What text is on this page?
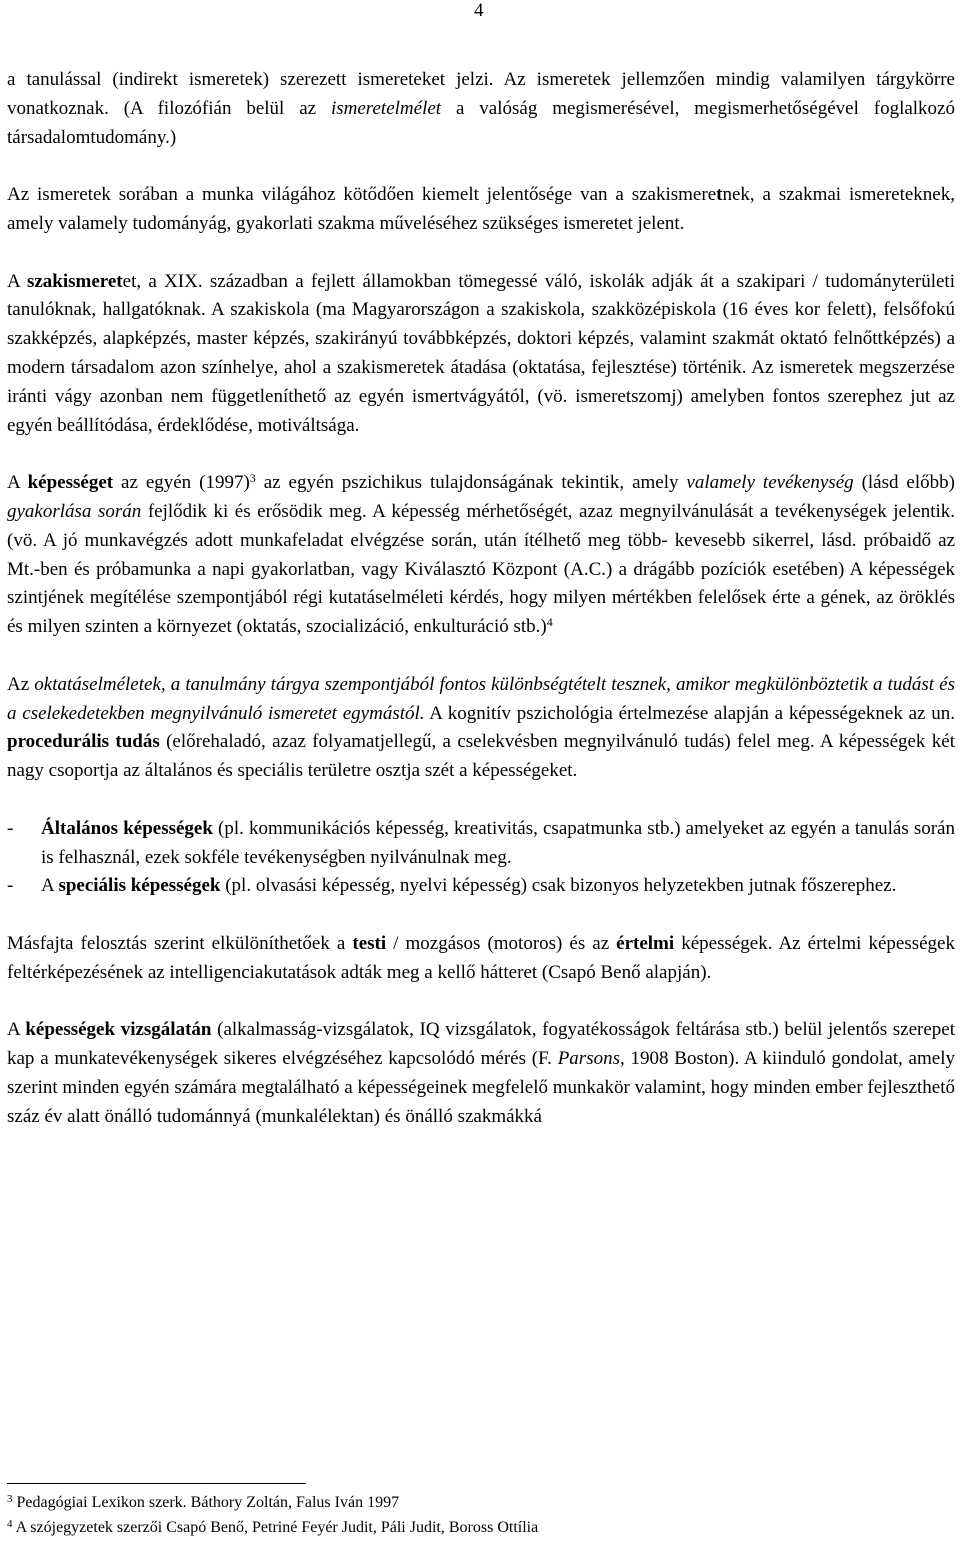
4

a tanulással (indirekt ismeretek) szerezett ismereteket jelzi. Az ismeretek jellemzően mindig valamilyen tárgykörre vonatkoznak. (A filozófián belül az ismeretelmélet a valóság megismerésével, megismerhetőségével foglalkozó társadalomtudomány.)

Az ismeretek sorában a munka világához kötődően kiemelt jelentősége van a szakismeretnek, a szakmai ismereteknek, amely valamely tudományág, gyakorlati szakma műveléséhez szükséges ismeretet jelent.

A szakismeretet, a XIX. században a fejlett államokban tömegessé váló, iskolák adják át a szakipari / tudományterületi tanulóknak, hallgatóknak. A szakiskola (ma Magyarországon a szakiskola, szakközépiskola (16 éves kor felett), felsőfokú szakképzés, alapképzés, master képzés, szakirányú továbbképzés, doktori képzés, valamint szakmát oktató felnőttképzés) a modern társadalom azon színhelye, ahol a szakismeretek átadása (oktatása, fejlesztése) történik. Az ismeretek megszerzése iránti vágy azonban nem függetleníthető az egyén ismertvágyától, (vö. ismeretszomj) amelyben fontos szerephez jut az egyén beállítódása, érdeklődése, motiváltsága.

A képességet az egyén $(1997)^3$ az egyén pszichikus tulajdonságának tekintik, amely valamely tevékenység (lásd előbb) gyakorlása során fejlődik ki és erősödik meg. A képesség mérhetőségét, azaz megnyilvánulását a tevékenységek jelentik. (vö. A jó munkavégzés adott munkafeladat elvégzése során, után ítélhető meg több- kevesebb sikerrel, lásd. próbaidő az Mt.-ben és próbamunka a napi gyakorlatban, vagy Kiválasztó Központ (A.C.) a drágább pozíciók esetében) A képességek szintjének megítélése szempontjából régi kutatáselméleti kérdés, hogy milyen mértékben felelősek érte a gének, az öröklés és milyen szinten a környezet (oktatás, szocializáció, enkulturáció stb.)$^4$

Az oktatáselméletek, a tanulmány tárgya szempontjából fontos különbségtételt tesznek, amikor megkülönböztetik a tudást és a cselekedetekben megnyilvánuló ismeretet egymástól. A kognitív pszichológia értelmezése alapján a képességeknek az un. procedurális tudás (előrehaladó, azaz folyamatjellegű, a cselekvésben megnyilvánuló tudás) felel meg. A képességek két nagy csoportja az általános és speciális területre osztja szét a képességeket.

-	Általános képességek (pl. kommunikációs képesség, kreativitás, csapatmunka stb.) amelyeket az egyén a tanulás során is felhasznál, ezek sokféle tevékenységben nyilvánulnak meg.
-	A speciális képességek (pl. olvasási képesség, nyelvi képesség) csak bizonyos helyzetekben jutnak főszerephez.

Másfajta felosztás szerint elkülöníthetőek a testi / mozgásos (motoros) és az értelmi képességek. Az értelmi képességek feltérképezésének az intelligenciakutatások adták meg a kellő hátteret (Csapó Benő alapján).

A képességek vizsgálatán (alkalmasság-vizsgálatok, IQ vizsgálatok, fogyatékosságok feltárása stb.) belül jelentős szerepet kap a munkatevékenységek sikeres elvégzéséhez kapcsolódó mérés (F. Parsons, 1908 Boston). A kiinduló gondolat, amely szerint minden egyén számára megtalálható a képességeinek megfelelő munkakör valamint, hogy minden ember fejleszthető száz év alatt önálló tudománnyá (munkalélektan) és önálló szakmákká

$^3$ Pedagógiai Lexikon szerk. Báthory Zoltán, Falus Iván 1997
$^4$ A szójegyzetek szerzői Csapó Benő, Petriné Feyér Judit, Páli Judit, Boross Ottília
